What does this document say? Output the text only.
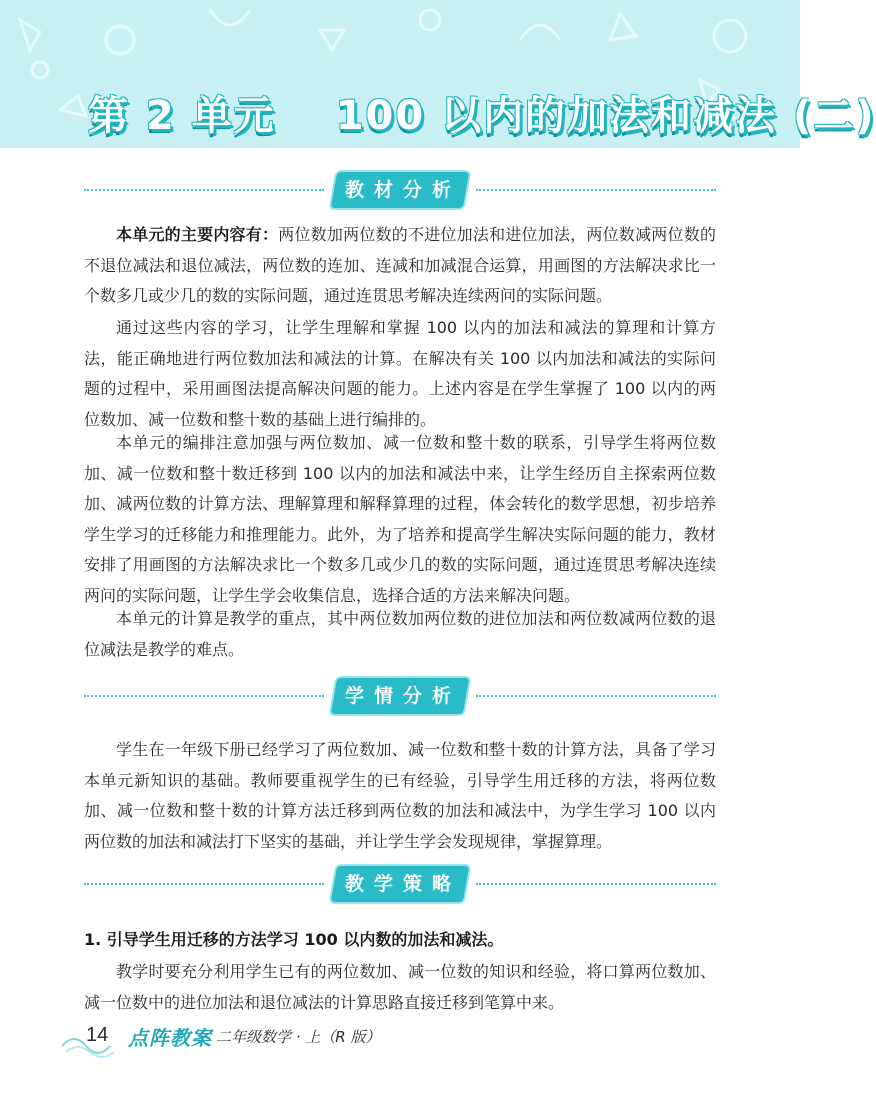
第 2 单元 100 以内的加法和减法 (二)
教材分析

本单元的主要内容有：两位数加两位数的不进位加法和进位加法，两位数减两位数的不退位减法和退位减法，两位数的连加、连减和加减混合运算，用画图的方法解决求比一个数多几或少几的数的实际问题，通过连贯思考解决连续两问的实际问题。

通过这些内容的学习，让学生理解和掌握 100 以内的加法和减法的算理和计算方法，能正确地进行两位数加法和减法的计算。在解决有关 100 以内加法和减法的实际问题的过程中，采用画图法提高解决问题的能力。上述内容是在学生掌握了 100 以内的两位数加、减一位数和整十数的基础上进行编排的。

本单元的编排注意加强与两位数加、减一位数和整十数的联系，引导学生将两位数加、减一位数和整十数迁移到 100 以内的加法和减法中来，让学生经历自主探索两位数加、减两位数的计算方法、理解算理和解释算理的过程，体会转化的数学思想，初步培养学生学习的迁移能力和推理能力。此外，为了培养和提高学生解决实际问题的能力，教材安排了用画图的方法解决求比一个数多几或少几的数的实际问题，通过连贯思考解决连续两问的实际问题，让学生学会收集信息，选择合适的方法来解决问题。

本单元的计算是教学的重点，其中两位数加两位数的进位加法和两位数减两位数的退位减法是教学的难点。

学情分析

学生在一年级下册已经学习了两位数加、减一位数和整十数的计算方法，具备了学习本单元新知识的基础。教师要重视学生的已有经验，引导学生用迁移的方法，将两位数加、减一位数和整十数的计算方法迁移到两位数的加法和减法中，为学生学习 100 以内两位数的加法和减法打下坚实的基础，并让学生学会发现规律，掌握算理。

教学策略

1. 引导学生用迁移的方法学习 100 以内数的加法和减法。

教学时要充分利用学生已有的两位数加、减一位数的知识和经验，将口算两位数加、减一位数中的进位加法和退位减法的计算思路直接迁移到笔算中来。

14 点阵教案 二年级数学 · 上（R 版）
